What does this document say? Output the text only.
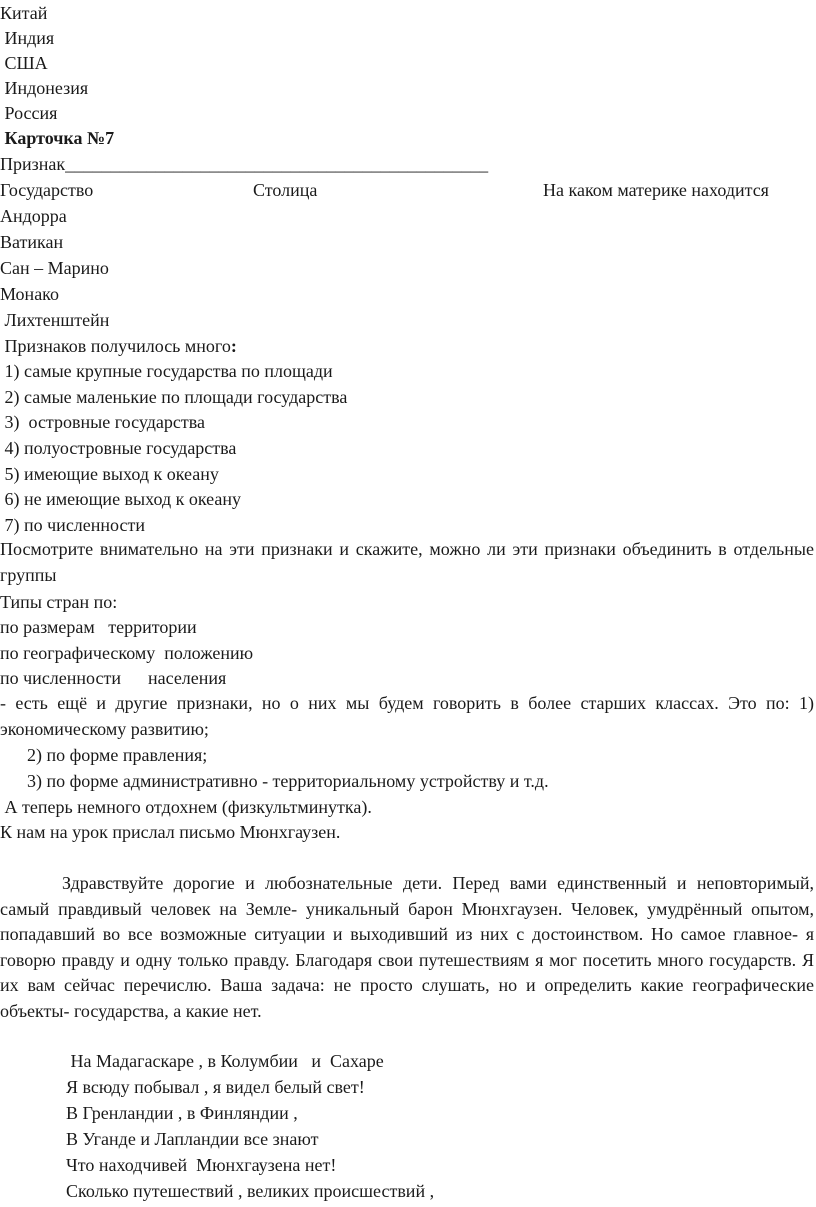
Китай
Индия
США
Индонезия
Россия
Карточка №7
Признак_______________________________________________
Государство	Столица	На каком материке находится
Андорра
Ватикан
Сан – Марино
Монако
Лихтенштейн
Признаков получилось много:
1) самые крупные государства по площади
2) самые маленькие по площади государства
3)  островные государства
4) полуостровные государства
5) имеющие выход к океану
6) не имеющие выход к океану
7) по численности
Посмотрите внимательно на эти признаки и скажите, можно ли эти признаки объединить в отдельные группы
Типы стран по:
по размерам   территории
по географическому  положению
по численности      населения
- есть ещё и другие признаки, но о них мы будем говорить в более старших классах. Это по: 1) экономическому развитию;
2) по форме правления;
3) по форме административно - территориальному устройству и т.д.
А теперь немного отдохнем (физкультминутка).
К нам на урок прислал письмо Мюнхгаузен.
Здравствуйте дорогие и любознательные дети. Перед вами единственный и неповторимый, самый правдивый человек на Земле- уникальный барон Мюнхгаузен. Человек, умудрённый опытом, попадавший во все возможные ситуации и выходивший из них с достоинством. Но самое главное- я говорю правду и одну только правду. Благодаря свои путешествиям я мог посетить много государств. Я их вам сейчас перечислю. Ваша задача: не просто слушать, но и определить какие географические объекты- государства, а какие нет.
На Мадагаскаре , в Колумбии   и  Сахаре
Я всюду побывал , я видел белый свет!
В Гренландии , в Финляндии ,
В Уганде и Лапландии все знают
Что находчивей  Мюнхгаузена нет!
Сколько путешествий , великих происшествий ,
